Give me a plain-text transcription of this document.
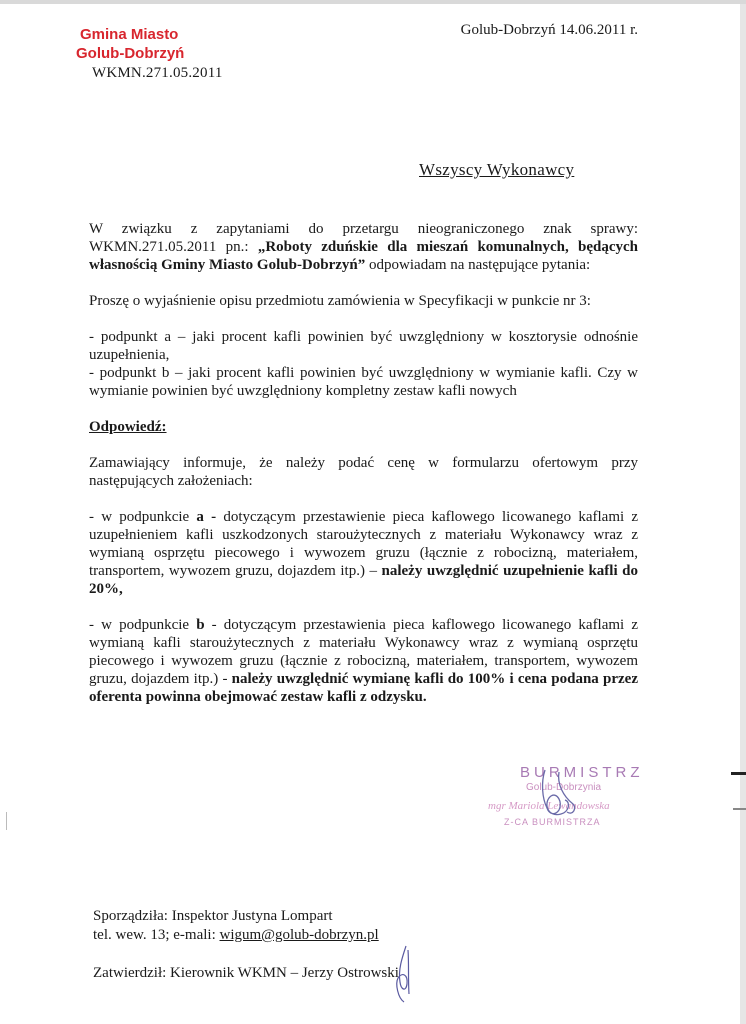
Gmina Miasto
Golub-Dobrzyń
Golub-Dobrzyń 14.06.2011 r.
WKMN.271.05.2011
Wszyscy Wykonawcy

W związku z zapytaniami do przetargu nieograniczonego znak sprawy: WKMN.271.05.2011 pn.: „Roboty zduńskie dla mieszań komunalnych, będących własnością Gminy Miasto Golub-Dobrzyń” odpowiadam na następujące pytania:

Proszę o wyjaśnienie opisu przedmiotu zamówienia w Specyfikacji w punkcie nr 3:

- podpunkt a – jaki procent kafli powinien być uwzględniony w kosztorysie odnośnie uzupełnienia,

- podpunkt b – jaki procent kafli powinien być uwzględniony w wymianie kafli. Czy w wymianie powinien być uwzględniony kompletny zestaw kafli nowych

Odpowiedź:

Zamawiający informuje, że należy podać cenę w formularzu ofertowym przy następujących założeniach:

- w podpunkcie a - dotyczącym przestawienie pieca kaflowego licowanego kaflami z uzupełnieniem kafli uszkodzonych staroużytecznych z materiału Wykonawcy wraz z wymianą osprzętu piecowego i wywozem gruzu (łącznie z robocizną, materiałem, transportem, wywozem gruzu, dojazdem itp.) – należy uwzględnić uzupełnienie kafli do 20%,

- w podpunkcie b - dotyczącym przestawienia pieca kaflowego licowanego kaflami z wymianą kafli staroużytecznych z materiału Wykonawcy wraz z wymianą osprzętu piecowego i wywozem gruzu (łącznie z robocizną, materiałem, transportem, wywozem gruzu, dojazdem itp.) - należy uwzględnić wymianę kafli do 100% i cena podana przez oferenta powinna obejmować zestaw kafli z odzysku.

BURMISTRZ
Golub-Dobrzynia
mgr Mariola Lewandowska
Z-CA BURMISTRZA
Sporządziła: Inspektor Justyna Lompart
tel. wew. 13; e-mali: wigum@golub-dobrzyn.pl
Zatwierdził: Kierownik WKMN – Jerzy Ostrowski
